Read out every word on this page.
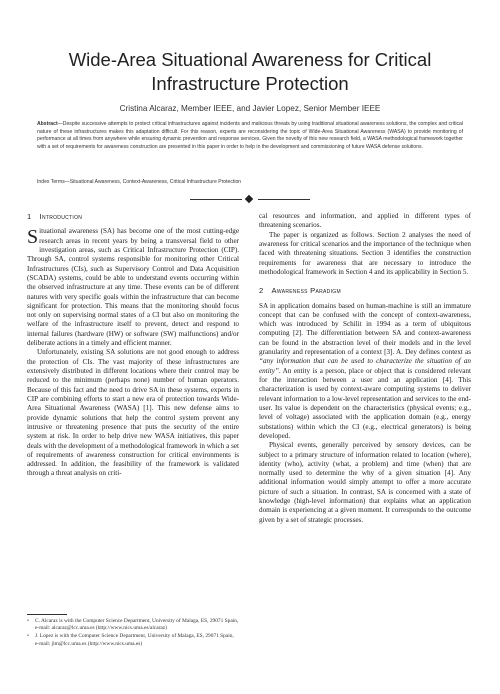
Wide-Area Situational Awareness for Critical Infrastructure Protection
Cristina Alcaraz, Member IEEE, and Javier Lopez, Senior Member IEEE
Abstract—Despite successive attempts to protect critical infrastructures against incidents and malicious threats by using traditional situational awareness solutions, the complex and critical nature of these infrastructures makes this adaptation difficult. For this reason, experts are reconsidering the topic of Wide-Area Situational Awareness (WASA) to provide monitoring of performance at all times from anywhere while ensuring dynamic prevention and response services. Given the novelty of this new research field, a WASA methodological framework together with a set of requirements for awareness construction are presented in this paper in order to help in the development and commissioning of future WASA defense solutions.
Index Terms—Situational Awareness, Context-Awareness, Critical Infrastructure Protection
1 Introduction

Situational awareness (SA) has become one of the most cutting-edge research areas in recent years by being a transversal field to other investigation areas, such as Critical Infrastructure Protection (CIP). Through SA, control systems responsible for monitoring other Critical Infrastructures (CIs), such as Supervisory Control and Data Acquisition (SCADA) systems, could be able to understand events occurring within the observed infrastructure at any time. These events can be of different natures with very specific goals within the infrastructure that can become significant for protection. This means that the monitoring should focus not only on supervising normal states of a CI but also on monitoring the welfare of the infrastructure itself to prevent, detect and respond to internal failures (hardware (HW) or software (SW) malfunctions) and/or deliberate actions in a timely and efficient manner.

Unfortunately, existing SA solutions are not good enough to address the protection of CIs. The vast majority of these infrastructures are extensively distributed in different locations where their control may be reduced to the minimum (perhaps none) number of human operators. Because of this fact and the need to drive SA in these systems, experts in CIP are combining efforts to start a new era of protection towards Wide-Area Situational Awareness (WASA) [1]. This new defense aims to provide dynamic solutions that help the control system prevent any intrusive or threatening presence that puts the security of the entire system at risk. In order to help drive new WASA initiatives, this paper deals with the development of a methodological framework in which a set of requirements of awareness construction for critical environments is addressed. In addition, the feasibility of the framework is validated through a threat analysis on criti-

cal resources and information, and applied in different types of threatening scenarios.

The paper is organized as follows. Section 2 analyses the need of awareness for critical scenarios and the importance of the technique when faced with threatening situations. Section 3 identifies the construction requirements for awareness that are necessary to introduce the methodological framework in Section 4 and its applicability in Section 5.

2 Awareness Paradigm

SA in application domains based on human-machine is still an immature concept that can be confused with the concept of context-awareness, which was introduced by Schilit in 1994 as a term of ubiquitous computing [2]. The differentiation between SA and context-awareness can be found in the abstraction level of their models and in the level granularity and representation of a context [3]. A. Dey defines context as “any information that can be used to characterize the situation of an entity”. An entity is a person, place or object that is considered relevant for the interaction between a user and an application [4]. This characterization is used by context-aware computing systems to deliver relevant information to a low-level representation and services to the end-user. Its value is dependent on the characteristics (physical events; e.g., level of voltage) associated with the application domain (e.g., energy substations) within which the CI (e.g., electrical generators) is being developed.

Physical events, generally perceived by sensory devices, can be subject to a primary structure of information related to location (where), identity (who), activity (what, a problem) and time (when) that are normally used to determine the why of a given situation [4]. Any additional information would simply attempt to offer a more accurate picture of such a situation. In contrast, SA is concerned with a state of knowledge (high-level information) that explains what an application domain is experiencing at a given moment. It corresponds to the outcome given by a set of strategic processes.

• C. Alcaraz is with the Computer Science Department, University of Malaga, ES, 29071 Spain, e-mail: alcaraz@lcc.uma.es (http://www.nics.uma.es/alcaraz)
• J. Lopez is with the Computer Science Department, University of Malaga, ES, 29071 Spain, e-mail: jlm@lcc.uma.es (http://www.nics.uma.es)
